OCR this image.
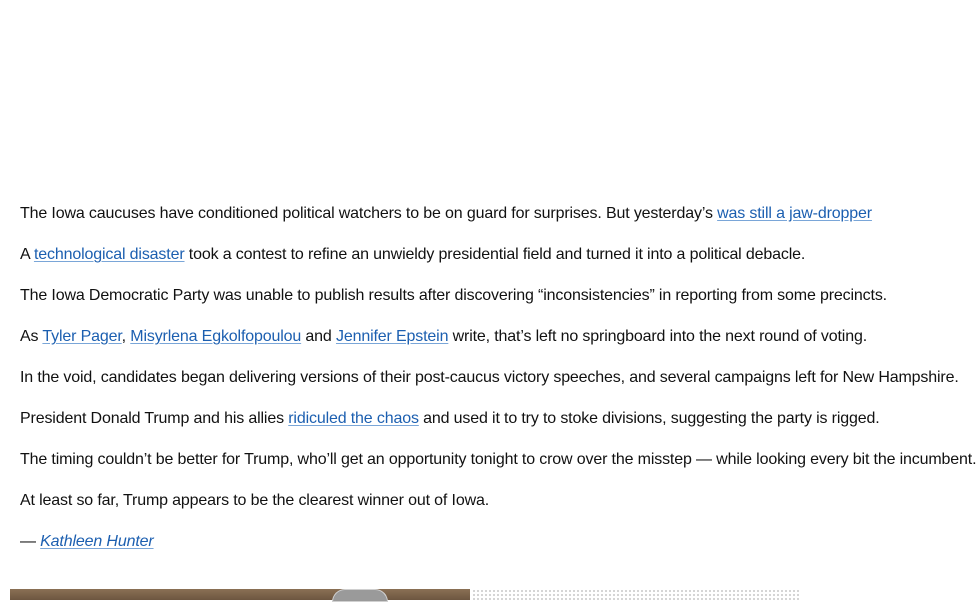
The Iowa caucuses have conditioned political watchers to be on guard for surprises. But yesterday’s was still a jaw-dropper

A technological disaster took a contest to refine an unwieldy presidential field and turned it into a political debacle.

The Iowa Democratic Party was unable to publish results after discovering “inconsistencies” in reporting from some precincts.

As Tyler Pager, Misyrlena Egkolfopoulou and Jennifer Epstein write, that’s left no springboard into the next round of voting.

In the void, candidates began delivering versions of their post-caucus victory speeches, and several campaigns left for New Hampshire.

President Donald Trump and his allies ridiculed the chaos and used it to try to stoke divisions, suggesting the party is rigged.

The timing couldn’t be better for Trump, who’ll get an opportunity tonight to crow over the misstep — while looking every bit the incumbent.

At least so far, Trump appears to be the clearest winner out of Iowa.

— Kathleen Hunter
